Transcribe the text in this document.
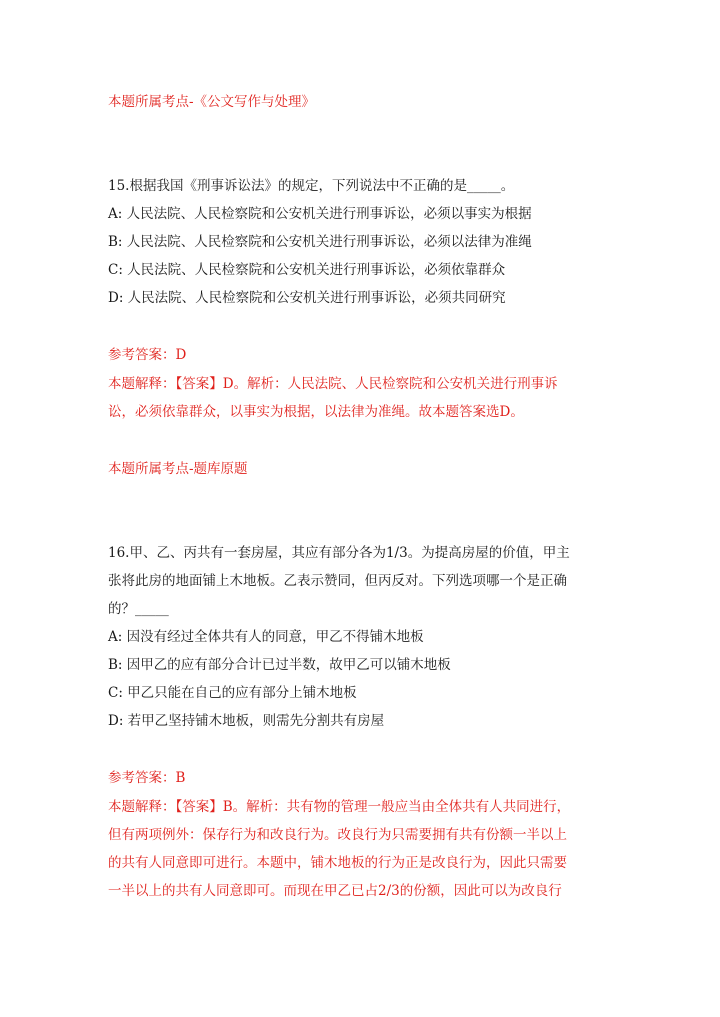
本题所属考点-《公文写作与处理》
15.根据我国《刑事诉讼法》的规定，下列说法中不正确的是_____。
A: 人民法院、人民检察院和公安机关进行刑事诉讼，必须以事实为根据
B: 人民法院、人民检察院和公安机关进行刑事诉讼，必须以法律为准绳
C: 人民法院、人民检察院和公安机关进行刑事诉讼，必须依靠群众
D: 人民法院、人民检察院和公安机关进行刑事诉讼，必须共同研究
参考答案：D
本题解释：【答案】D。解析：人民法院、人民检察院和公安机关进行刑事诉
讼，必须依靠群众，以事实为根据，以法律为准绳。故本题答案选D。
本题所属考点-题库原题
16.甲、乙、丙共有一套房屋，其应有部分各为1/3。为提高房屋的价值，甲主
张将此房的地面铺上木地板。乙表示赞同，但丙反对。下列选项哪一个是正确
的？_____
A: 因没有经过全体共有人的同意，甲乙不得铺木地板
B: 因甲乙的应有部分合计已过半数，故甲乙可以铺木地板
C: 甲乙只能在自己的应有部分上铺木地板
D: 若甲乙坚持铺木地板，则需先分割共有房屋
参考答案：B
本题解释：【答案】B。解析：共有物的管理一般应当由全体共有人共同进行，
但有两项例外：保存行为和改良行为。改良行为只需要拥有共有份额一半以上
的共有人同意即可进行。本题中，铺木地板的行为正是改良行为，因此只需要
一半以上的共有人同意即可。而现在甲乙已占2/3的份额，因此可以为改良行
